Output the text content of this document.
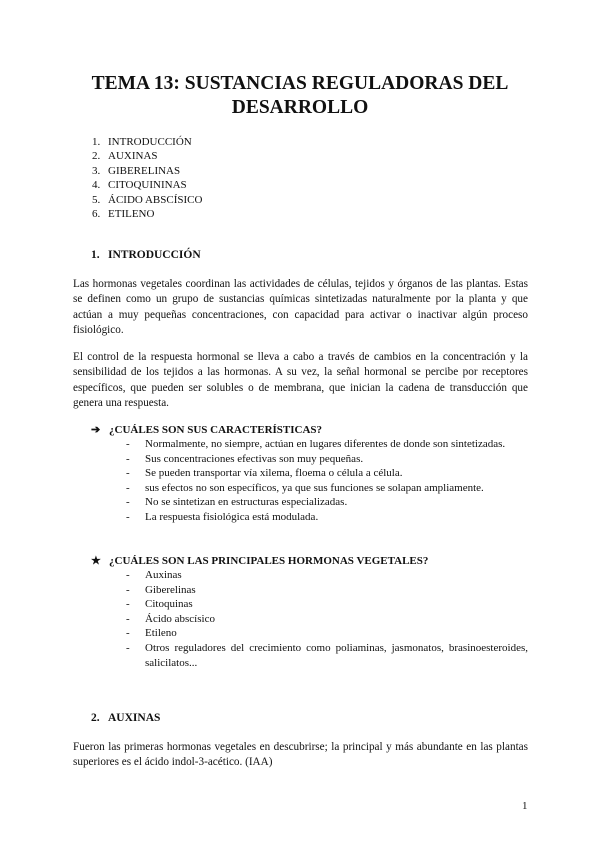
TEMA 13: SUSTANCIAS REGULADORAS DEL
DESARROLLO
1. INTRODUCCIÓN
2. AUXINAS
3. GIBERELINAS
4. CITOQUININAS
5. ÁCIDO ABSCÍSICO
6. ETILENO
1. INTRODUCCIÓN

Las hormonas vegetales coordinan las actividades de células, tejidos y órganos de las plantas. Estas se definen como un grupo de sustancias químicas sintetizadas naturalmente por la planta y que actúan a muy pequeñas concentraciones, con capacidad para activar o inactivar algún proceso fisiológico.

El control de la respuesta hormonal se lleva a cabo a través de cambios en la concentración y la sensibilidad de los tejidos a las hormonas. A su vez, la señal hormonal se percibe por receptores específicos, que pueden ser solubles o de membrana, que inician la cadena de transducción que genera una respuesta.

➔ ¿CUÁLES SON SUS CARACTERÍSTICAS?
-	Normalmente, no siempre, actúan en lugares diferentes de donde son sintetizadas.
-	Sus concentraciones efectivas son muy pequeñas.
-	Se pueden transportar vía xilema, floema o célula a célula.
-	sus efectos no son específicos, ya que sus funciones se solapan ampliamente.
-	No se sintetizan en estructuras especializadas.
-	La respuesta fisiológica está modulada.
★ ¿CUÁLES SON LAS PRINCIPALES HORMONAS VEGETALES?
-	Auxinas
-	Giberelinas
-	Citoquinas
-	Ácido abscísico
-	Etileno
-	Otros reguladores del crecimiento como poliaminas, jasmonatos, brasinoesteroides, salicilatos...
2. AUXINAS

Fueron las primeras hormonas vegetales en descubrirse; la principal y más abundante en las plantas superiores es el ácido indol-3-acético. (IAA)

1
